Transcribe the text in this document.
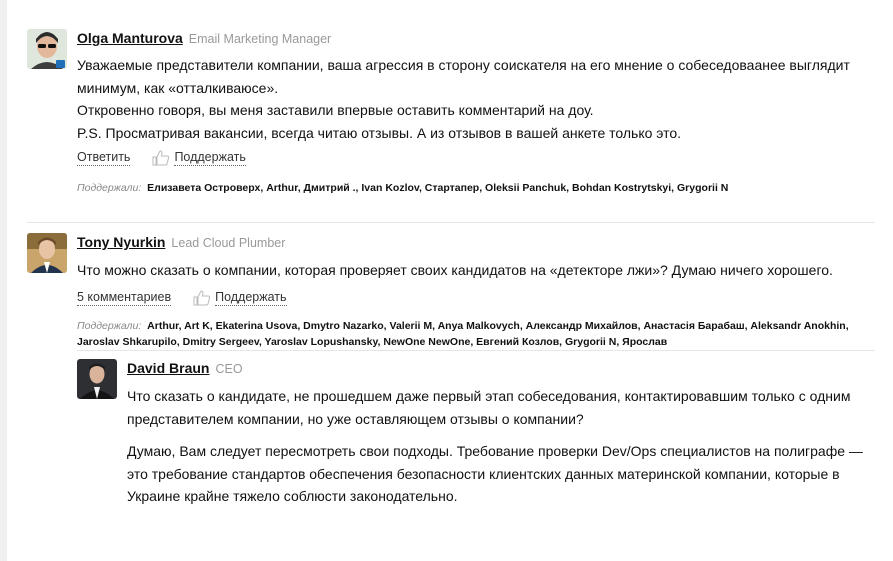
Olga Manturova Email Marketing Manager

Уважаемые представители компании, ваша агрессия в сторону соискателя на его мнение о собеседоваанее выглядит минимум, как «отталкиваюсе».

Откровенно говоря, вы меня заставили впервые оставить комментарий на доу.

P.S. Просматривая вакансии, всегда читаю отзывы. А из отзывов в вашей анкете только это.

Ответить	Поддержать
Поддержали: Елизавета Островерх, Arthur, Дмитрий ., Ivan Kozlov, Стартапер, Oleksii Panchuk, Bohdan Kostrytskyi, Grygorii N
Tony Nyurkin Lead Cloud Plumber

Что можно сказать о компании, которая проверяет своих кандидатов на «детекторе лжи»? Думаю ничего хорошего.

5 комментариев	Поддержать
Поддержали: Arthur, Art K, Ekaterina Usova, Dmytro Nazarko, Valerii M, Anya Malkovych, Александр Михайлов, Анастасія Барабаш, Aleksandr Anokhin, Jaroslav Shkarupilo, Dmitry Sergeev, Yaroslav Lopushansky, NewOne NewOne, Евгений Козлов, Grygorii N, Ярослав
David Braun CEO

Что сказать о кандидате, не прошедшем даже первый этап собеседования, контактировавшим только с одним представителем компании, но уже оставляющем отзывы о компании?

Думаю, Вам следует пересмотреть свои подходы. Требование проверки Dev/Ops специалистов на полиграфе — это требование стандартов обеспечения безопасности клиентских данных материнской компании, которые в Украине крайне тяжело соблюсти законодательно.
